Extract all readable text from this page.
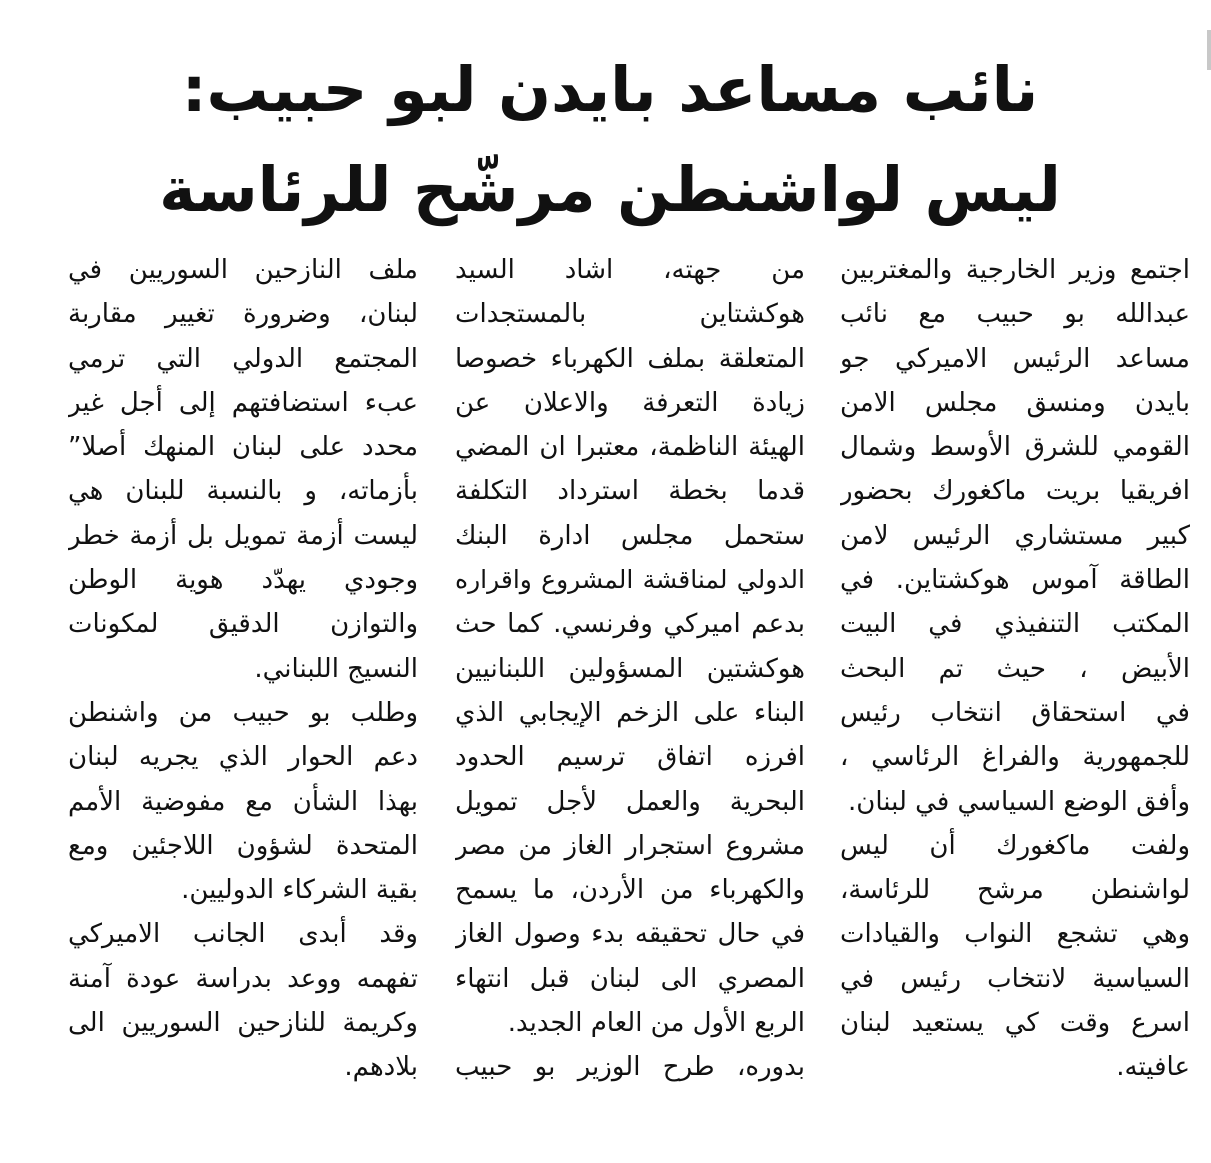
نائب مساعد بايدن لبو حبيب:
ليس لواشنطن مرشّح للرئاسة
اجتمع وزير الخارجية والمغتربين
عبدالله بو حبيب مع نائب
مساعد الرئيس الاميركي جو
بايدن ومنسق مجلس الامن
القومي للشرق الأوسط وشمال
افريقيا بريت ماكغورك بحضور
كبير مستشاري الرئيس لامن
الطاقة آموس هوكشتاين. في
المكتب التنفيذي في البيت
الأبيض ، حيث تم البحث
في استحقاق انتخاب رئيس
للجمهورية والفراغ الرئاسي ،
وأفق الوضع السياسي في لبنان.
ولفت ماكغورك أن ليس
لواشنطن مرشح للرئاسة،
وهي تشجع النواب والقيادات
السياسية لانتخاب رئيس في
اسرع وقت كي يستعيد لبنان
عافيته.
من جهته، اشاد السيد
هوكشتاين بالمستجدات
المتعلقة بملف الكهرباء خصوصا
زيادة التعرفة والاعلان عن
الهيئة الناظمة، معتبرا ان المضي
قدما بخطة استرداد التكلفة
ستحمل مجلس ادارة البنك
الدولي لمناقشة المشروع واقراره
بدعم اميركي وفرنسي. كما حث
هوكشتين المسؤولين اللبنانيين
البناء على الزخم الإيجابي الذي
افرزه اتفاق ترسيم الحدود
البحرية والعمل لأجل تمويل
مشروع استجرار الغاز من مصر
والكهرباء من الأردن، ما يسمح
في حال تحقيقه بدء وصول الغاز
المصري الى لبنان قبل انتهاء
الربع الأول من العام الجديد.
بدوره، طرح الوزير بو حبيب
ملف النازحين السوريين في
لبنان، وضرورة تغيير مقاربة
المجتمع الدولي التي ترمي
عبء استضافتهم إلى أجل غير
محدد على لبنان المنهك أصلا”
بأزماته، و بالنسبة للبنان هي
ليست أزمة تمويل بل أزمة خطر
وجودي يهدّد هوية الوطن
والتوازن الدقيق لمكونات
النسيج اللبناني.
وطلب بو حبيب من واشنطن
دعم الحوار الذي يجريه لبنان
بهذا الشأن مع مفوضية الأمم
المتحدة لشؤون اللاجئين ومع
بقية الشركاء الدوليين.
وقد أبدى الجانب الاميركي
تفهمه ووعد بدراسة عودة آمنة
وكريمة للنازحين السوريين الى
بلادهم.
